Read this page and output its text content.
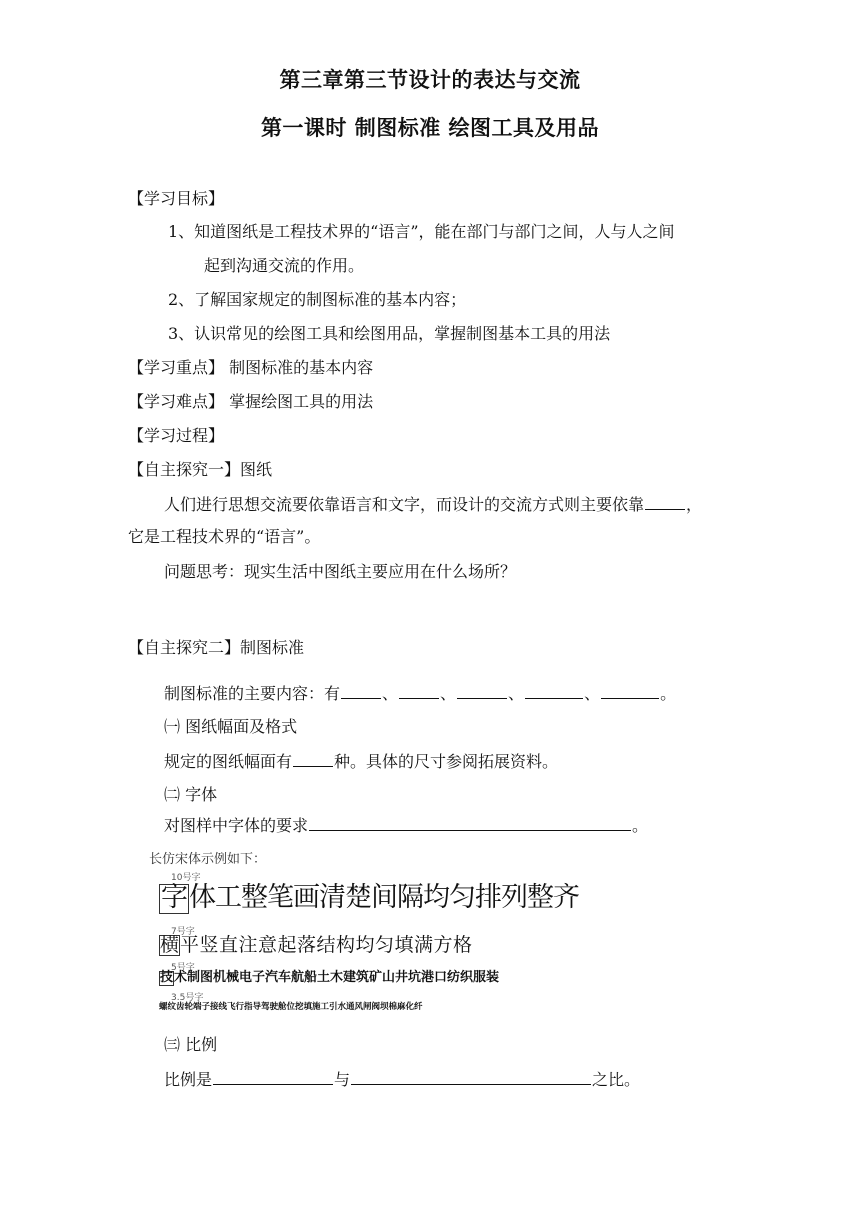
第三章第三节设计的表达与交流
第一课时 制图标准 绘图工具及用品
【学习目标】
1、知道图纸是工程技术界的“语言”，能在部门与部门之间，人与人之间
起到沟通交流的作用。
2、了解国家规定的制图标准的基本内容；
3、认识常见的绘图工具和绘图用品，掌握制图基本工具的用法
【学习重点】 制图标准的基本内容
【学习难点】 掌握绘图工具的用法
【学习过程】
【自主探究一】图纸
人们进行思想交流要依靠语言和文字，而设计的交流方式则主要依靠	，
它是工程技术界的“语言”。
问题思考：现实生活中图纸主要应用在什么场所？
【自主探究二】制图标准
制图标准的主要内容：有	、	、	、	、	。
㈠ 图纸幅面及格式
规定的图纸幅面有	种。具体的尺寸参阅拓展资料。
㈡ 字体
对图样中字体的要求	。
长仿宋体示例如下：
10号字
字体工整笔画清楚间隔均匀排列整齐
7号字
横平竖直注意起落结构均匀填满方格
5号字
技术制图机械电子汽车航船土木建筑矿山井坑港口纺织服装
3.5号字
螺纹齿轮端子接线飞行指导驾驶舱位挖填施工引水通风闸阀坝棉麻化纤
㈢ 比例
比例是	与	之比。
